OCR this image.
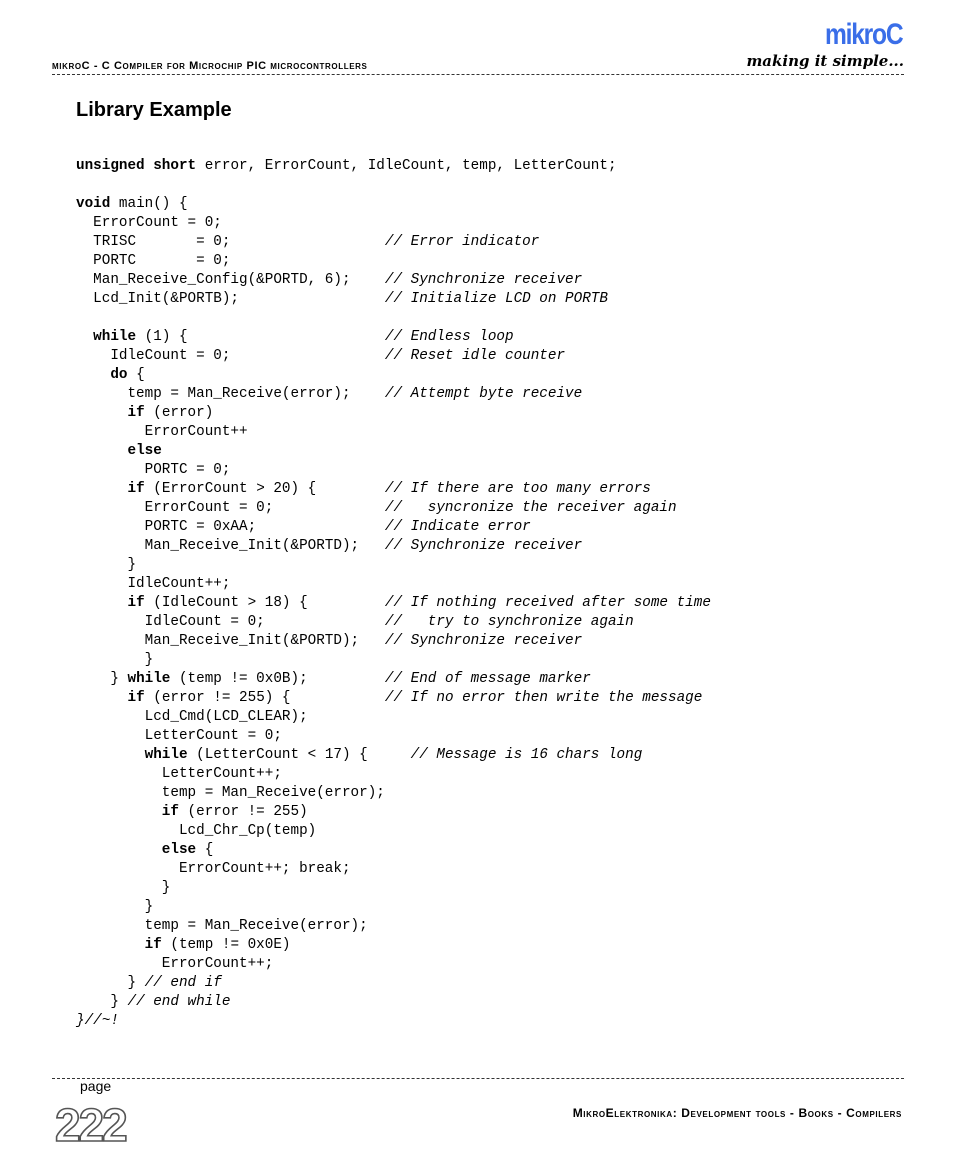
mikroC - C Compiler for Microchip PIC microcontrollers
mikroC
making it simple...
Library Example
unsigned short error, ErrorCount, IdleCount, temp, LetterCount;
void main() {
ErrorCount = 0;
TRISC       = 0;                  // Error indicator
PORTC       = 0;
Man_Receive_Config(&PORTD, 6);    // Synchronize receiver
Lcd_Init(&PORTB);                 // Initialize LCD on PORTB
while (1) {                       // Endless loop
IdleCount = 0;                  // Reset idle counter
do {
temp = Man_Receive(error);    // Attempt byte receive
if (error)
ErrorCount++
else
PORTC = 0;
if (ErrorCount > 20) {        // If there are too many errors
ErrorCount = 0;             //   syncronize the receiver again
PORTC = 0xAA;               // Indicate error
Man_Receive_Init(&PORTD);   // Synchronize receiver
}
IdleCount++;
if (IdleCount > 18) {         // If nothing received after some time
IdleCount = 0;              //   try to synchronize again
Man_Receive_Init(&PORTD);   // Synchronize receiver
}
} while (temp != 0x0B);         // End of message marker
if (error != 255) {           // If no error then write the message
Lcd_Cmd(LCD_CLEAR);
LetterCount = 0;
while (LetterCount < 17) {     // Message is 16 chars long
LetterCount++;
temp = Man_Receive(error);
if (error != 255)
Lcd_Chr_Cp(temp)
else {
ErrorCount++; break;
}
}
temp = Man_Receive(error);
if (temp != 0x0E)
ErrorCount++;
} // end if
} // end while
}//~!
page
222	MikroElektronika: Development tools - Books - Compilers
